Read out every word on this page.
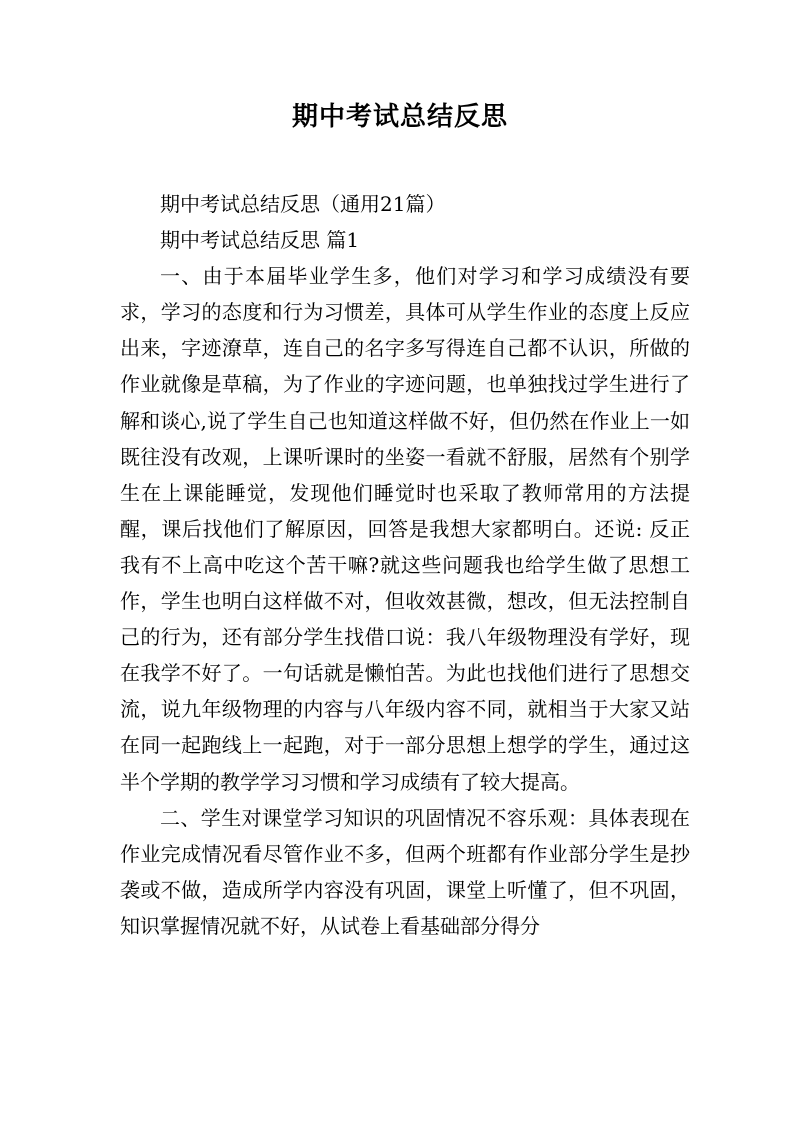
期中考试总结反思

期中考试总结反思（通用21篇）

期中考试总结反思 篇1

一、由于本届毕业学生多，他们对学习和学习成绩没有要求，学习的态度和行为习惯差，具体可从学生作业的态度上反应出来，字迹潦草，连自己的名字多写得连自己都不认识，所做的作业就像是草稿，为了作业的字迹问题，也单独找过学生进行了解和谈心,说了学生自己也知道这样做不好，但仍然在作业上一如既往没有改观，上课听课时的坐姿一看就不舒服，居然有个别学生在上课能睡觉，发现他们睡觉时也采取了教师常用的方法提醒，课后找他们了解原因，回答是我想大家都明白。还说: 反正我有不上高中吃这个苦干嘛?就这些问题我也给学生做了思想工作，学生也明白这样做不对，但收效甚微，想改，但无法控制自己的行为，还有部分学生找借口说：我八年级物理没有学好，现在我学不好了。一句话就是懒怕苦。为此也找他们进行了思想交流，说九年级物理的内容与八年级内容不同，就相当于大家又站在同一起跑线上一起跑，对于一部分思想上想学的学生，通过这半个学期的教学学习习惯和学习成绩有了较大提高。

二、学生对课堂学习知识的巩固情况不容乐观：具体表现在作业完成情况看尽管作业不多，但两个班都有作业部分学生是抄袭或不做，造成所学内容没有巩固，课堂上听懂了，但不巩固，知识掌握情况就不好，从试卷上看基础部分得分
